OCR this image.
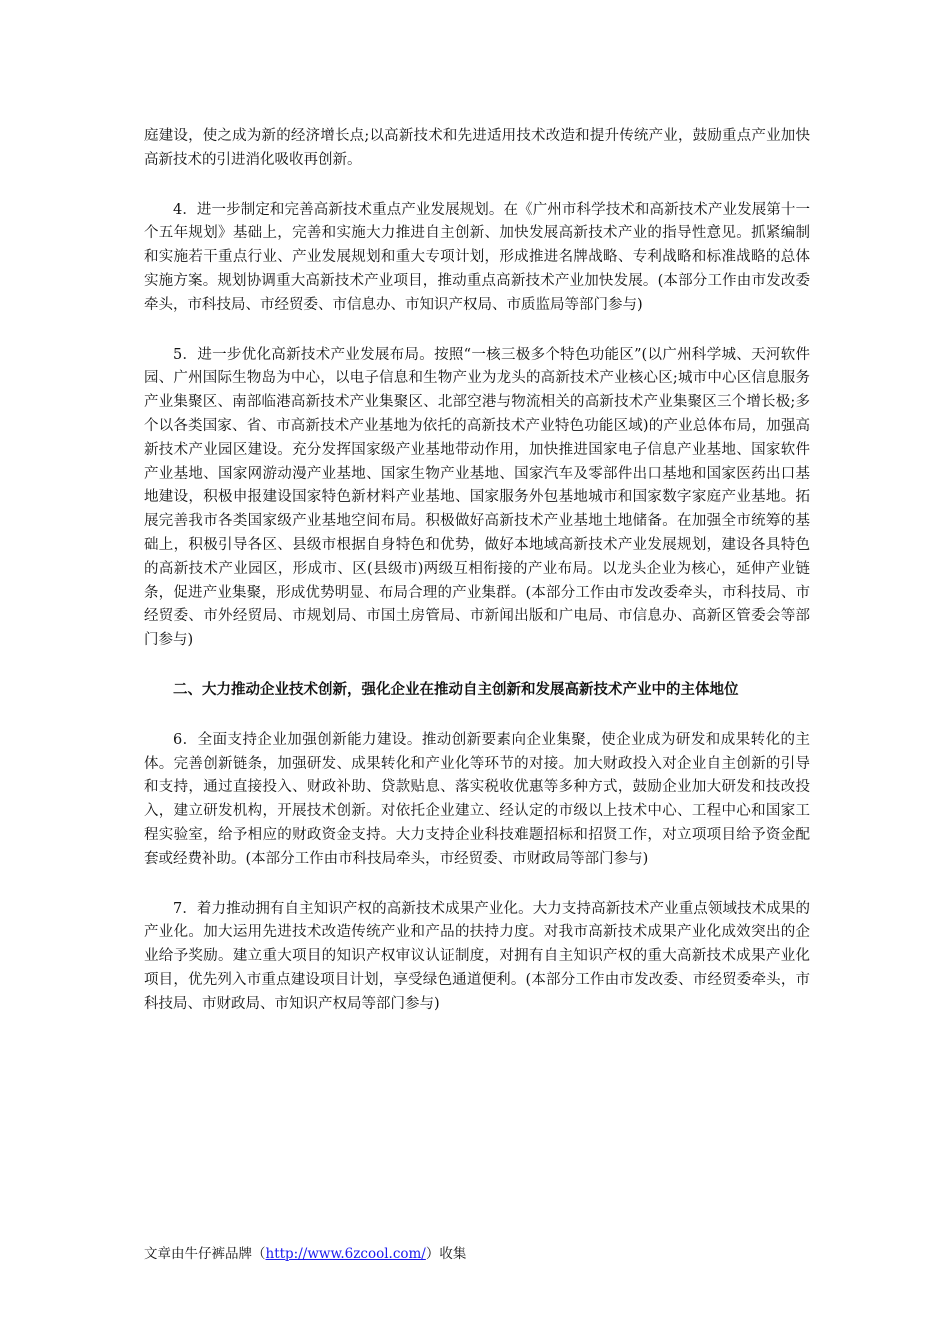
庭建设，使之成为新的经济增长点;以高新技术和先进适用技术改造和提升传统产业，鼓励重点产业加快高新技术的引进消化吸收再创新。

4．进一步制定和完善高新技术重点产业发展规划。在《广州市科学技术和高新技术产业发展第十一个五年规划》基础上，完善和实施大力推进自主创新、加快发展高新技术产业的指导性意见。抓紧编制和实施若干重点行业、产业发展规划和重大专项计划，形成推进名牌战略、专利战略和标准战略的总体实施方案。规划协调重大高新技术产业项目，推动重点高新技术产业加快发展。(本部分工作由市发改委牵头，市科技局、市经贸委、市信息办、市知识产权局、市质监局等部门参与)

5．进一步优化高新技术产业发展布局。按照“一核三极多个特色功能区”(以广州科学城、天河软件园、广州国际生物岛为中心，以电子信息和生物产业为龙头的高新技术产业核心区;城市中心区信息服务产业集聚区、南部临港高新技术产业集聚区、北部空港与物流相关的高新技术产业集聚区三个增长极;多个以各类国家、省、市高新技术产业基地为依托的高新技术产业特色功能区域)的产业总体布局，加强高新技术产业园区建设。充分发挥国家级产业基地带动作用，加快推进国家电子信息产业基地、国家软件产业基地、国家网游动漫产业基地、国家生物产业基地、国家汽车及零部件出口基地和国家医药出口基地建设，积极申报建设国家特色新材料产业基地、国家服务外包基地城市和国家数字家庭产业基地。拓展完善我市各类国家级产业基地空间布局。积极做好高新技术产业基地土地储备。在加强全市统筹的基础上，积极引导各区、县级市根据自身特色和优势，做好本地域高新技术产业发展规划，建设各具特色的高新技术产业园区，形成市、区(县级市)两级互相衔接的产业布局。以龙头企业为核心，延伸产业链条，促进产业集聚，形成优势明显、布局合理的产业集群。(本部分工作由市发改委牵头，市科技局、市经贸委、市外经贸局、市规划局、市国土房管局、市新闻出版和广电局、市信息办、高新区管委会等部门参与)

二、大力推动企业技术创新，强化企业在推动自主创新和发展高新技术产业中的主体地位

6．全面支持企业加强创新能力建设。推动创新要素向企业集聚，使企业成为研发和成果转化的主体。完善创新链条，加强研发、成果转化和产业化等环节的对接。加大财政投入对企业自主创新的引导和支持，通过直接投入、财政补助、贷款贴息、落实税收优惠等多种方式，鼓励企业加大研发和技改投入，建立研发机构，开展技术创新。对依托企业建立、经认定的市级以上技术中心、工程中心和国家工程实验室，给予相应的财政资金支持。大力支持企业科技难题招标和招贤工作，对立项项目给予资金配套或经费补助。(本部分工作由市科技局牵头，市经贸委、市财政局等部门参与)

7．着力推动拥有自主知识产权的高新技术成果产业化。大力支持高新技术产业重点领域技术成果的产业化。加大运用先进技术改造传统产业和产品的扶持力度。对我市高新技术成果产业化成效突出的企业给予奖励。建立重大项目的知识产权审议认证制度，对拥有自主知识产权的重大高新技术成果产业化项目，优先列入市重点建设项目计划，享受绿色通道便利。(本部分工作由市发改委、市经贸委牵头，市科技局、市财政局、市知识产权局等部门参与)

文章由牛仔裤品牌（http://www.6zcool.com/）收集
